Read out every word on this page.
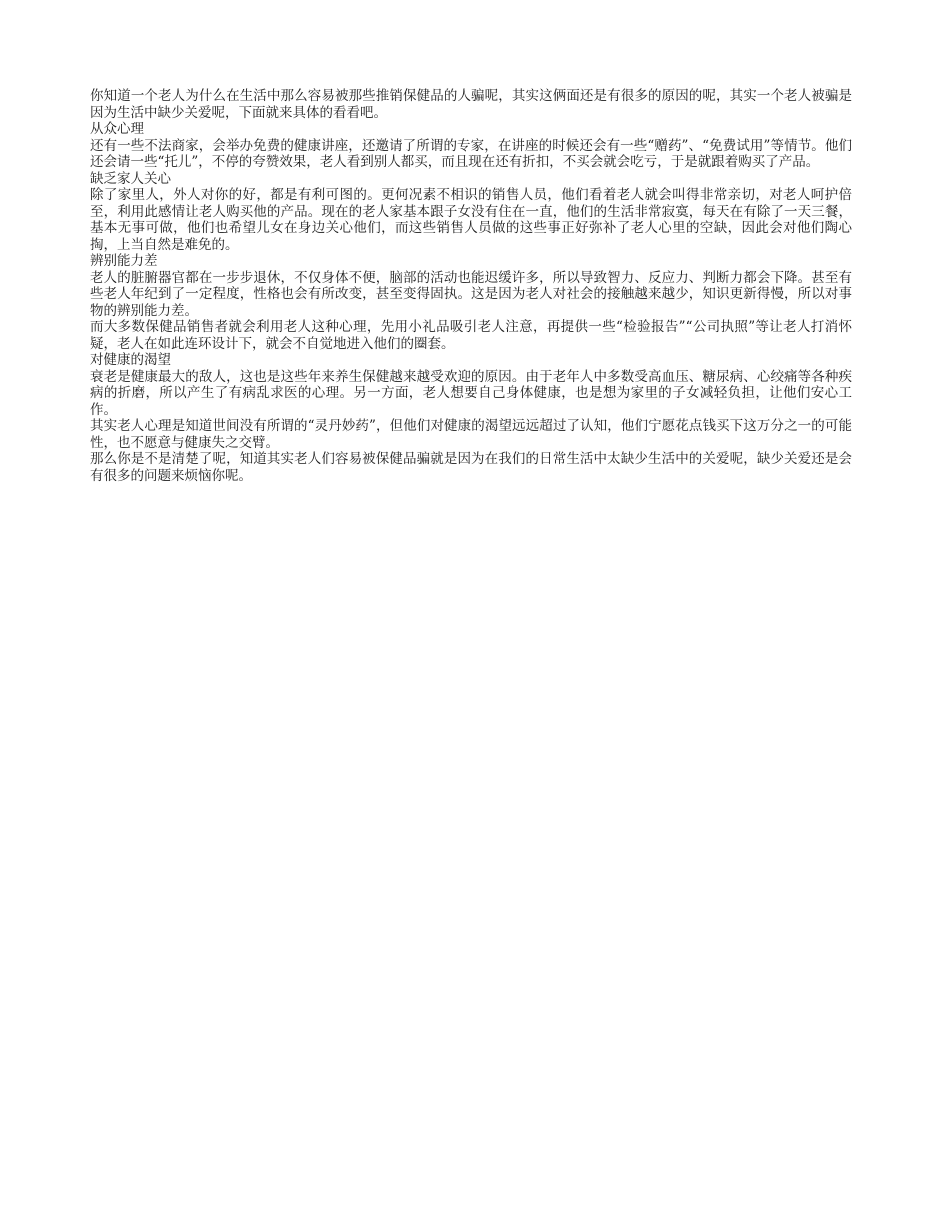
你知道一个老人为什么在生活中那么容易被那些推销保健品的人骗呢，其实这俩面还是有很多的原因的呢，其实一个老人被骗是因为生活中缺少关爱呢，下面就来具体的看看吧。

从众心理

还有一些不法商家，会举办免费的健康讲座，还邀请了所谓的专家，在讲座的时候还会有一些“赠药”、“免费试用”等情节。他们还会请一些“托儿”，不停的夸赞效果，老人看到别人都买，而且现在还有折扣，不买会就会吃亏，于是就跟着购买了产品。

缺乏家人关心

除了家里人，外人对你的好，都是有利可图的。更何况素不相识的销售人员，他们看着老人就会叫得非常亲切，对老人呵护倍至，利用此感情让老人购买他的产品。现在的老人家基本跟子女没有住在一直，他们的生活非常寂寞，每天在有除了一天三餐，基本无事可做，他们也希望儿女在身边关心他们，而这些销售人员做的这些事正好弥补了老人心里的空缺，因此会对他们陶心掏，上当自然是难免的。

辨别能力差

老人的脏腑器官都在一步步退休，不仅身体不便，脑部的活动也能迟缓许多，所以导致智力、反应力、判断力都会下降。甚至有些老人年纪到了一定程度，性格也会有所改变，甚至变得固执。这是因为老人对社会的接触越来越少，知识更新得慢，所以对事物的辨别能力差。

而大多数保健品销售者就会利用老人这种心理，先用小礼品吸引老人注意，再提供一些“检验报告”“公司执照”等让老人打消怀疑，老人在如此连环设计下，就会不自觉地进入他们的圈套。

对健康的渴望

衰老是健康最大的敌人，这也是这些年来养生保健越来越受欢迎的原因。由于老年人中多数受高血压、糖尿病、心绞痛等各种疾病的折磨，所以产生了有病乱求医的心理。另一方面，老人想要自己身体健康，也是想为家里的子女减轻负担，让他们安心工作。

其实老人心理是知道世间没有所谓的“灵丹妙药”，但他们对健康的渴望远远超过了认知，他们宁愿花点钱买下这万分之一的可能性，也不愿意与健康失之交臂。

那么你是不是清楚了呢，知道其实老人们容易被保健品骗就是因为在我们的日常生活中太缺少生活中的关爱呢，缺少关爱还是会有很多的问题来烦恼你呢。
